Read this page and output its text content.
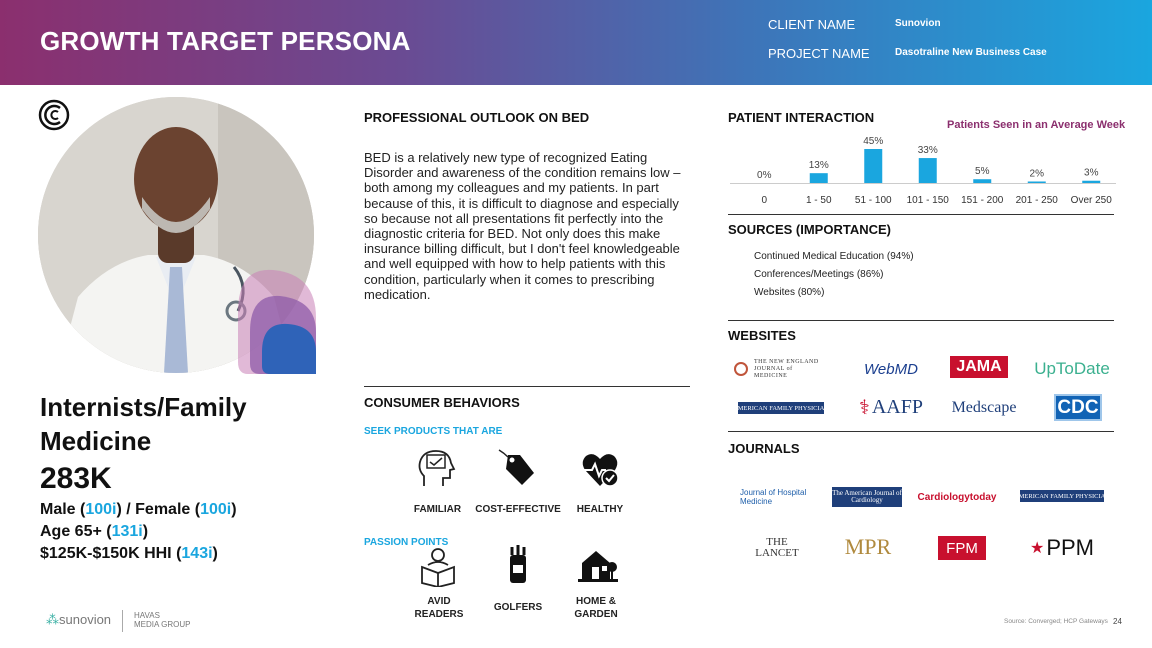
GROWTH TARGET PERSONA
CLIENT NAME	Sunovion
PROJECT NAME	Dasotraline New Business Case
Internists/Family
Medicine
283K
Male (100i) / Female (100i)
Age 65+ (131i)
$125K-$150K HHI (143i)
PROFESSIONAL OUTLOOK ON BED
BED is a relatively new type of recognized Eating Disorder and awareness of the condition remains low – both among my colleagues and my patients. In part because of this, it is difficult to diagnose and especially so because not all presentations fit perfectly into the diagnostic criteria for BED. Not only does this make insurance billing difficult, but I don't feel knowledgeable and well equipped with how to help patients with this condition, particularly when it comes to prescribing medication.
CONSUMER BEHAVIORS
SEEK PRODUCTS THAT ARE
FAMILIAR	COST-EFFECTIVE	HEALTHY
PASSION POINTS
AVID
READERS
GOLFERS
HOME &
GARDEN
PATIENT INTERACTION	Patients Seen in an Average Week
0%
0
13%
1 - 50
45%
51 - 100
33%
101 - 150
5%
151 - 200
2%
201 - 250
3%
Over 250
SOURCES (IMPORTANCE)
Continued Medical Education (94%)
Conferences/Meetings (86%)
Websites (80%)
WEBSITES
THE NEW ENGLAND JOURNAL of MEDICINE	WebMD	JAMA	UpToDate
AMERICAN FAMILY PHYSICIAN ⚕ AAFP	Medscape CDC
JOURNALS
Journal of Hospital Medicine
The American Journal of Cardiology	Cardiologytoday	AMERICAN FAMILY PHYSICIAN
THE LANCET	MPR	FPM	★ PPM
⁂sunovion	HAVAS
MEDIA GROUP	Source: Converged; HCP Gateways 24
